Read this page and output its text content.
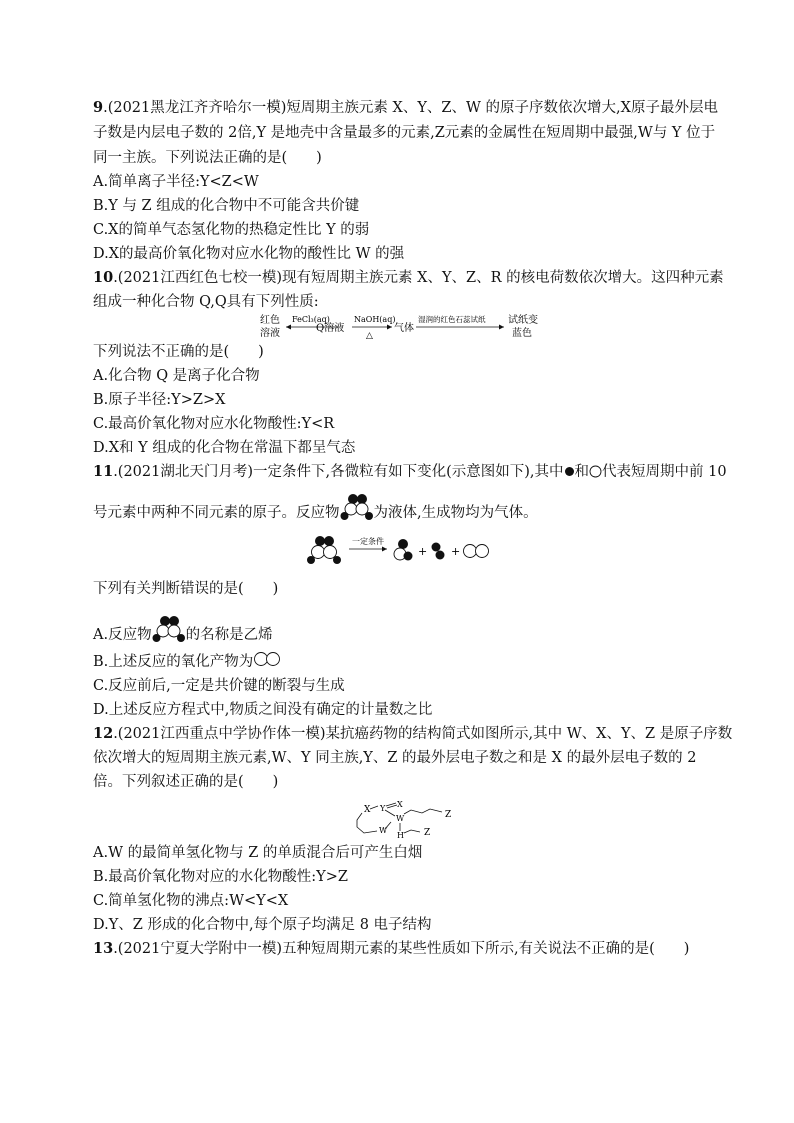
9.(2021黑龙江齐齐哈尔一模)短周期主族元素 X、Y、Z、W 的原子序数依次增大,X原子最外层电
子数是内层电子数的 2倍,Y 是地壳中含量最多的元素,Z元素的金属性在短周期中最强,W与 Y 位于
同一主族。下列说法正确的是(　　)
A.简单离子半径:Y<Z<W
B.Y 与 Z 组成的化合物中不可能含共价键
C.X的简单气态氢化物的热稳定性比 Y 的弱
D.X的最高价氧化物对应水化物的酸性比 W 的强
10.(2021江西红色七校一模)现有短周期主族元素 X、Y、Z、R 的核电荷数依次增大。这四种元素
组成一种化合物 Q,Q具有下列性质:
红色
溶液
FeCl₃(aq)
Q溶液
NaOH(aq)
△
气体
湿润的红色石蕊试纸 试纸变
蓝色
下列说法不正确的是(　　)
A.化合物 Q 是离子化合物
B.原子半径:Y>Z>X
C.最高价氧化物对应水化物酸性:Y<R
D.X和 Y 组成的化合物在常温下都呈气态
11.(2021湖北天门月考)一定条件下,各微粒有如下变化(示意图如下),其中 和 代表短周期中前 10
号元素中两种不同元素的原子。反应物 为液体,生成物均为气体。
一定条件
+ +
下列有关判断错误的是(　　)
A.反应物 的名称是乙烯
B.上述反应的氧化产物为
C.反应前后,一定是共价键的断裂与生成
D.上述反应方程式中,物质之间没有确定的计量数之比
12.(2021江西重点中学协作体一模)某抗癌药物的结构简式如图所示,其中 W、X、Y、Z 是原子序数
依次增大的短周期主族元素,W、Y 同主族,Y、Z 的最外层电子数之和是 X 的最外层电子数的 2
倍。下列叙述正确的是(　　)
X Y X
W
W
H
Z
Z
A.W 的最简单氢化物与 Z 的单质混合后可产生白烟
B.最高价氧化物对应的水化物酸性:Y>Z
C.简单氢化物的沸点:W<Y<X
D.Y、Z 形成的化合物中,每个原子均满足 8 电子结构
13.(2021宁夏大学附中一模)五种短周期元素的某些性质如下所示,有关说法不正确的是(　　)
